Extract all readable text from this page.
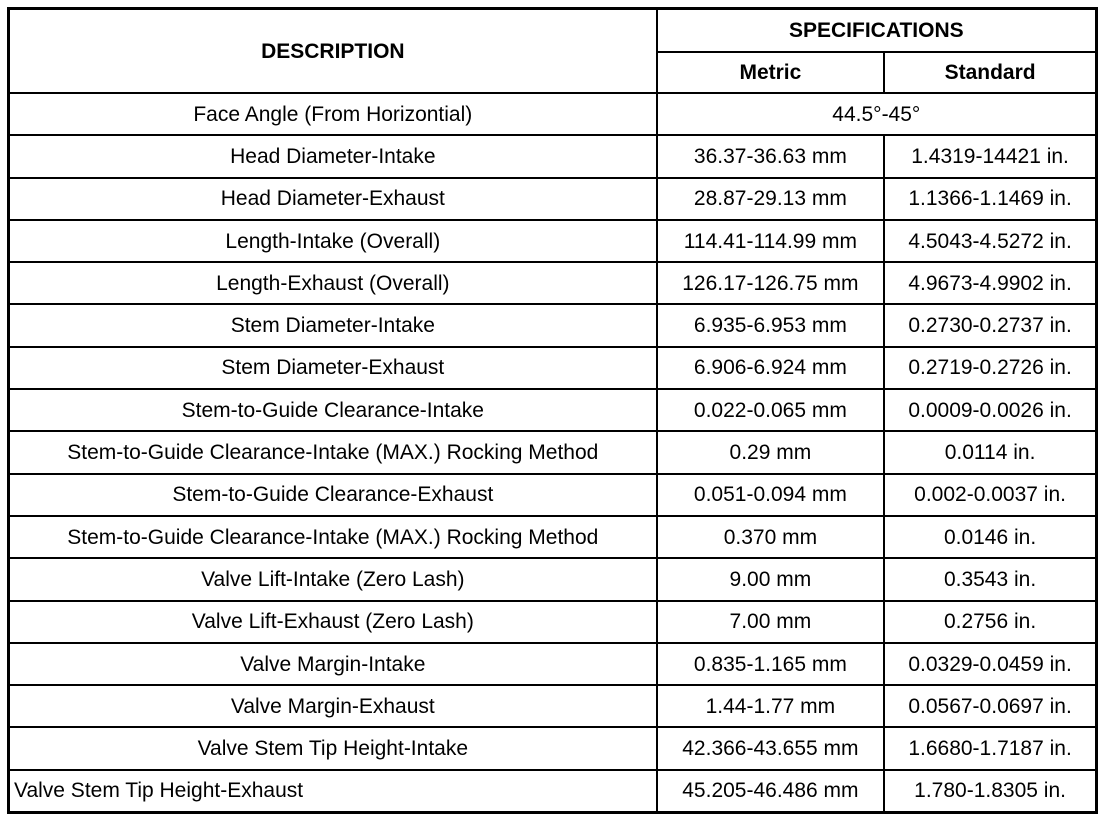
DESCRIPTION	SPECIFICATIONS	
	Metric	Standard
Face Angle (From Horizontial)	44.5°-45°	
Head Diameter-Intake	36.37-36.63 mm	1.4319-14421 in.
Head Diameter-Exhaust	28.87-29.13 mm	1.1366-1.1469 in.
Length-Intake (Overall)	114.41-114.99 mm	4.5043-4.5272 in.
Length-Exhaust (Overall)	126.17-126.75 mm	4.9673-4.9902 in.
Stem Diameter-Intake	6.935-6.953 mm	0.2730-0.2737 in.
Stem Diameter-Exhaust	6.906-6.924 mm	0.2719-0.2726 in.
Stem-to-Guide Clearance-Intake	0.022-0.065 mm	0.0009-0.0026 in.
Stem-to-Guide Clearance-Intake (MAX.) Rocking Method	0.29 mm	0.0114 in.
Stem-to-Guide Clearance-Exhaust	0.051-0.094 mm	0.002-0.0037 in.
Stem-to-Guide Clearance-Intake (MAX.) Rocking Method	0.370 mm	0.0146 in.
Valve Lift-Intake (Zero Lash)	9.00 mm	0.3543 in.
Valve Lift-Exhaust (Zero Lash)	7.00 mm	0.2756 in.
Valve Margin-Intake	0.835-1.165 mm	0.0329-0.0459 in.
Valve Margin-Exhaust	1.44-1.77 mm	0.0567-0.0697 in.
Valve Stem Tip Height-Intake	42.366-43.655 mm	1.6680-1.7187 in.
Valve Stem Tip Height-Exhaust	45.205-46.486 mm	1.780-1.8305 in.
